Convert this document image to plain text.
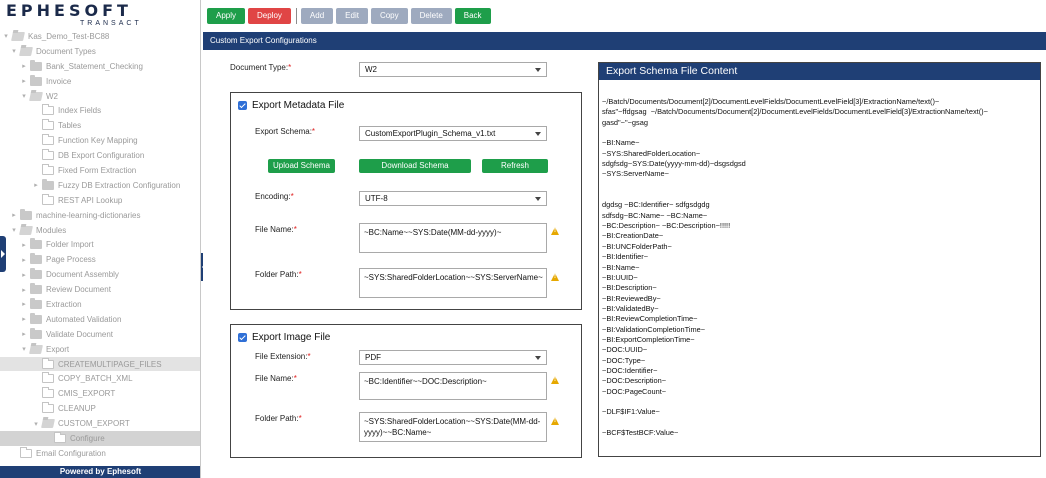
EPHESOFT
TRANSACT
▾	Kas_Demo_Test-BC88
▾	Document Types
▸	Bank_Statement_Checking
▸	Invoice
▾	W2
Index Fields
Tables
Function Key Mapping
DB Export Configuration
Fixed Form Extraction
▸	Fuzzy DB Extraction Configuration
REST API Lookup
▸	machine-learning-dictionaries
▾	Modules
▸	Folder Import
▸	Page Process
▸	Document Assembly
▸	Review Document
▸	Extraction
▸	Automated Validation
▸	Validate Document
▾	Export
CREATEMULTIPAGE_FILES
COPY_BATCH_XML
CMIS_EXPORT
CLEANUP
▾	CUSTOM_EXPORT
Configure
Email Configuration
Powered by Ephesoft
Apply	Deploy	Add	Edit	Copy	Delete	Back
Custom Export Configurations
Document Type:*	W2
Export Metadata File
Export Schema:*	CustomExportPlugin_Schema_v1.txt
Upload Schema	Download Schema	Refresh
Encoding:*	UTF-8
File Name:*	~BC:Name~~SYS:Date(MM-dd-yyyy)~
!
Folder Path:*	~SYS:SharedFolderLocation~~SYS:ServerName~
!
Export Image File
File Extension:*	PDF
File Name:*	~BC:Identifier~~DOC:Description~
!
Folder Path:*	~SYS:SharedFolderLocation~~SYS:Date(MM-dd-yyyy)~~BC:Name~
!
Export Schema File Content
~/Batch/Documents/Document[2]/DocumentLevelFields/DocumentLevelField[3]/ExtractionName/text()~
sfas"~ffdgsag  ~/Batch/Documents/Document[2]/DocumentLevelFields/DocumentLevelField[3]/ExtractionName/text()~
gasd"~"~gsag

~BI:Name~
~SYS:SharedFolderLocation~
sdgfsdg~SYS:Date(yyyy-mm-dd)~dsgsdgsd
~SYS:ServerName~

dgdsg ~BC:Identifier~ sdfgsdgdg
sdfsdg~BC:Name~ ~BC:Name~
~BC:Description~ ~BC:Description~!!!!!
~BI:CreationDate~
~BI:UNCFolderPath~
~BI:Identifier~
~BI:Name~
~BI:UUID~
~BI:Description~
~BI:ReviewedBy~
~BI:ValidatedBy~
~BI:ReviewCompletionTime~
~BI:ValidationCompletionTime~
~BI:ExportCompletionTime~
~DOC:UUID~
~DOC:Type~
~DOC:Identifier~
~DOC:Description~
~DOC:PageCount~

~DLF$IF1:Value~

~BCF$TestBCF:Value~
